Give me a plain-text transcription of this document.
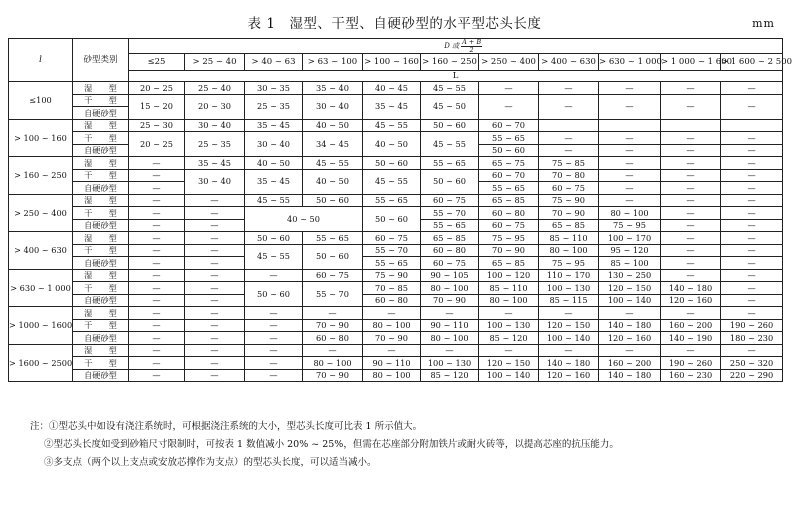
表 1 湿型、干型、自硬砂型的水平型芯头长度	mm
l	砂型类别	D 或 $\frac{A + B}{2}$

		≤25	> 25 ~ 40	> 40 ~ 63	> 63 ~ 100	> 100 ~ 160	> 160 ~ 250	> 250 ~ 400	> 400 ~ 630	> 630 ~ 1 000	> 1 000 ~ 1 600	> 1 600 ~ 2 500
		L										
≤100	湿　　型	20 ~ 25	25 ~ 40	30 ~ 35	35 ~ 40	40 ~ 45	45 ~ 55	—	—	—	—	—
	干　　型	15 ~ 20	20 ~ 30	25 ~ 35	30 ~ 40	35 ~ 45	45 ~ 50	—	—	—	—	—
	自硬砂型											
> 100 ~ 160	湿　　型	25 ~ 30	30 ~ 40	35 ~ 45	40 ~ 50	45 ~ 55	50 ~ 60	60 ~ 70				
	干　　型	20 ~ 25	25 ~ 35	30 ~ 40	34 ~ 45	40 ~ 50	45 ~ 55	55 ~ 65	—	—	—	—
	自硬砂型							50 ~ 60	—	—	—	—
> 160 ~ 250	湿　　型	—	35 ~ 45	40 ~ 50	45 ~ 55	50 ~ 60	55 ~ 65	65 ~ 75	75 ~ 85	—	—	—
	干　　型	—	30 ~ 40	35 ~ 45	40 ~ 50	45 ~ 55	50 ~ 60	60 ~ 70	70 ~ 80	—	—	—
	自硬砂型	—						55 ~ 65	60 ~ 75	—	—	—
> 250 ~ 400	湿　　型	—	—	45 ~ 55	50 ~ 60	55 ~ 65	60 ~ 75	65 ~ 85	75 ~ 90	—	—	—
	干　　型	—	—	40 ~ 50		50 ~ 60	55 ~ 70	60 ~ 80	70 ~ 90	80 ~ 100	—	—
	自硬砂型	—	—				55 ~ 65	60 ~ 75	65 ~ 85	75 ~ 95	—	—
> 400 ~ 630	湿　　型	—	—	50 ~ 60	55 ~ 65	60 ~ 75	65 ~ 85	75 ~ 95	85 ~ 110	100 ~ 170	—	—
	干　　型	—	—	45 ~ 55	50 ~ 60	55 ~ 70	60 ~ 80	70 ~ 90	80 ~ 100	95 ~ 120	—	—
	自硬砂型	—	—			55 ~ 65	60 ~ 75	65 ~ 85	75 ~ 95	85 ~ 100	—	—
> 630 ~ 1 000	湿　　型	—	—	—	60 ~ 75	75 ~ 90	90 ~ 105	100 ~ 120	110 ~ 170	130 ~ 250	—	—
	干　　型	—	—	50 ~ 60	55 ~ 70	70 ~ 85	80 ~ 100	85 ~ 110	100 ~ 130	120 ~ 150	140 ~ 180	—
	自硬砂型	—	—			60 ~ 80	70 ~ 90	80 ~ 100	85 ~ 115	100 ~ 140	120 ~ 160	—
> 1000 ~ 1600	湿　　型	—	—	—	—	—	—	—	—	—	—	—
	干　　型	—	—	—	70 ~ 90	80 ~ 100	90 ~ 110	100 ~ 130	120 ~ 150	140 ~ 180	160 ~ 200	190 ~ 260
	自硬砂型	—	—	—	60 ~ 80	70 ~ 90	80 ~ 100	85 ~ 120	100 ~ 140	120 ~ 160	140 ~ 190	180 ~ 230
> 1600 ~ 2500	湿　　型	—	—	—	—	—	—	—	—	—	—	—
	干　　型	—	—	—	80 ~ 100	90 ~ 110	100 ~ 130	120 ~ 150	140 ~ 180	160 ~ 200	190 ~ 260	250 ~ 320
	自硬砂型	—	—	—	70 ~ 90	80 ~ 100	85 ~ 120	100 ~ 140	120 ~ 160	140 ~ 180	160 ~ 230	220 ~ 290
注：①型芯头中如设有浇注系统时，可根据浇注系统的大小，型芯头长度可比表 1 所示值大。
②型芯头长度如受到砂箱尺寸限制时，可按表 1 数值减小 20% ~ 25%，但需在芯座部分附加铁片或耐火砖等，以提高芯座的抗压能力。
③多支点（两个以上支点或安放芯撑作为支点）的型芯头长度，可以适当减小。
